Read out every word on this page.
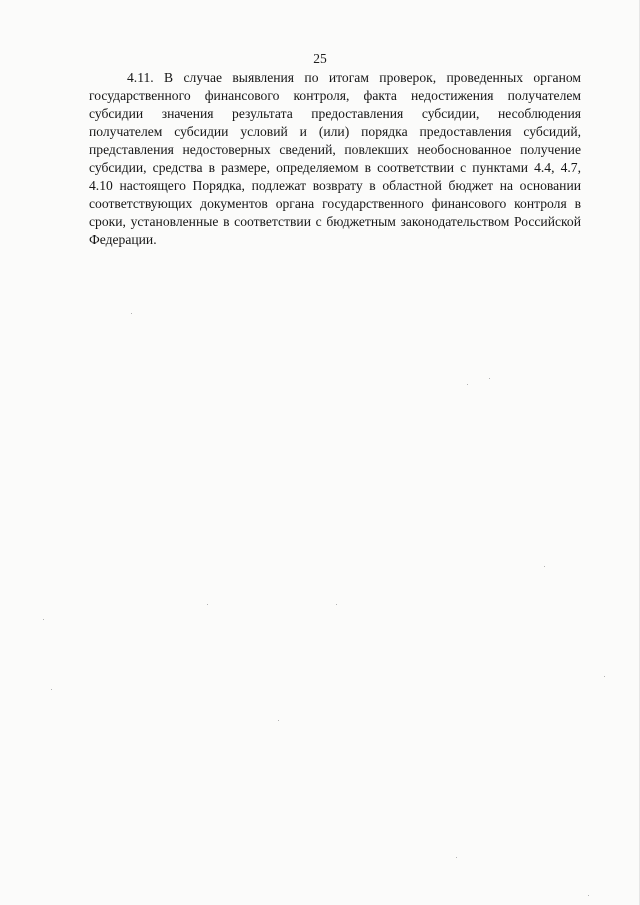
25

4.11. В случае выявления по итогам проверок, проведенных органом государственного финансового контроля, факта недостижения получателем субсидии значения результата предоставления субсидии, несоблюдения получателем субсидии условий и (или) порядка предоставления субсидий, представления недостоверных сведений, повлекших необоснованное получение субсидии, средства в размере, определяемом в соответствии с пунктами 4.4, 4.7, 4.10 настоящего Порядка, подлежат возврату в областной бюджет на основании соответствующих документов органа государственного финансового контроля в сроки, установленные в соответствии с бюджетным законодательством Российской Федерации.
